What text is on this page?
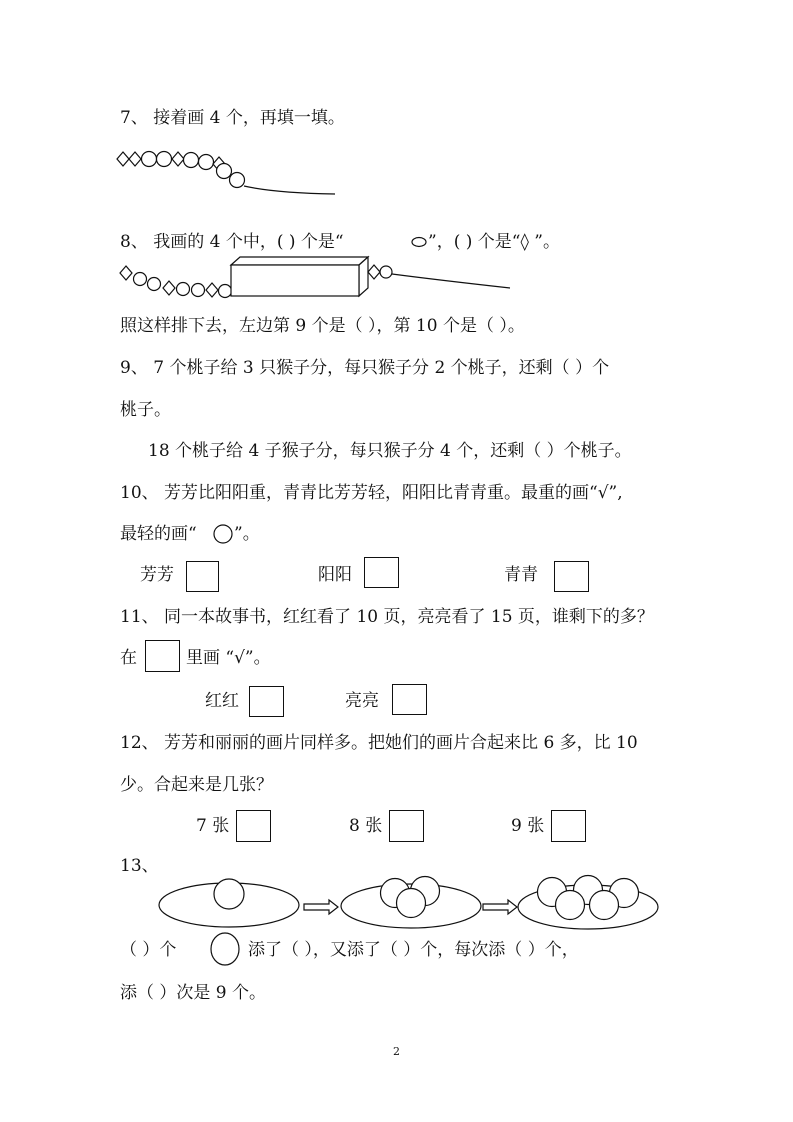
7、 接着画 4 个，再填一填。
8、 我画的 4 个中，( ) 个是“	”，( ) 个是“◊ ”。
照这样排下去，左边第 9 个是（ ），第 10 个是（ ）。
9、 7 个桃子给 3 只猴子分，每只猴子分 2 个桃子，还剩（ ）个
桃子。
18 个桃子给 4 子猴子分，每只猴子分 4 个，还剩（ ）个桃子。
10、 芳芳比阳阳重，青青比芳芳轻，阳阳比青青重。最重的画“√”,
最轻的画“ ”。
芳芳	阳阳	青青
11、 同一本故事书，红红看了 10 页，亮亮看了 15 页，谁剩下的多？
在	里画 “√”。
红红	亮亮
12、 芳芳和丽丽的画片同样多。把她们的画片合起来比 6 多，比 10
少。合起来是几张？
7 张	8 张	9 张
13、
（ ）个	添了（ ），又添了（ ）个，每次添（ ）个，
添（ ）次是 9 个。
2
